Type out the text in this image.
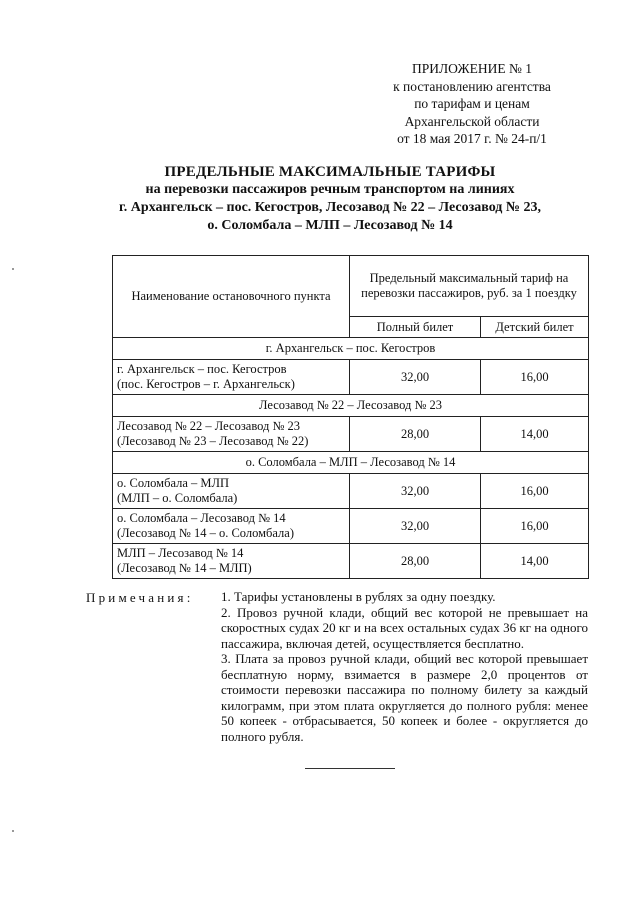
ПРИЛОЖЕНИЕ № 1
к постановлению агентства
по тарифам и ценам
Архангельской области
от 18 мая 2017 г. № 24-п/1
ПРЕДЕЛЬНЫЕ МАКСИМАЛЬНЫЕ ТАРИФЫ
на перевозки пассажиров речным транспортом на линиях
г. Архангельск – пос. Кегостров, Лесозавод № 22 – Лесозавод № 23,
о. Соломбала – МЛП – Лесозавод № 14
Наименование остановочного пункта	Предельный максимальный тариф на перевозки пассажиров, руб. за 1 поездку	
	Полный билет	Детский билет
г. Архангельск – пос. Кегостров		

г. Архангельск – пос. Кегостров
(пос. Кегостров – г. Архангельск)	32,00	16,00
Лесозавод № 22 – Лесозавод № 23		

Лесозавод № 22 – Лесозавод № 23
(Лесозавод № 23 – Лесозавод № 22)	28,00	14,00
о. Соломбала – МЛП – Лесозавод № 14		

о. Соломбала – МЛП
(МЛП – о. Соломбала)	32,00	16,00

о. Соломбала – Лесозавод № 14
(Лесозавод № 14 – о. Соломбала)	32,00	16,00

МЛП – Лесозавод № 14
(Лесозавод № 14 – МЛП)	28,00	14,00
Примечания: 1. Тарифы установлены в рублях за одну поездку.

2. Провоз ручной клади, общий вес которой не превышает на скоростных судах 20 кг и на всех остальных судах 36 кг на одного пассажира, включая детей, осуществляется бесплатно.

3. Плата за провоз ручной клади, общий вес которой превышает бесплатную норму, взимается в размере 2,0 процентов от стоимости перевозки пассажира по полному билету за каждый килограмм, при этом плата округляется до полного рубля: менее 50 копеек - отбрасывается, 50 копеек и более - округляется до полного рубля.
